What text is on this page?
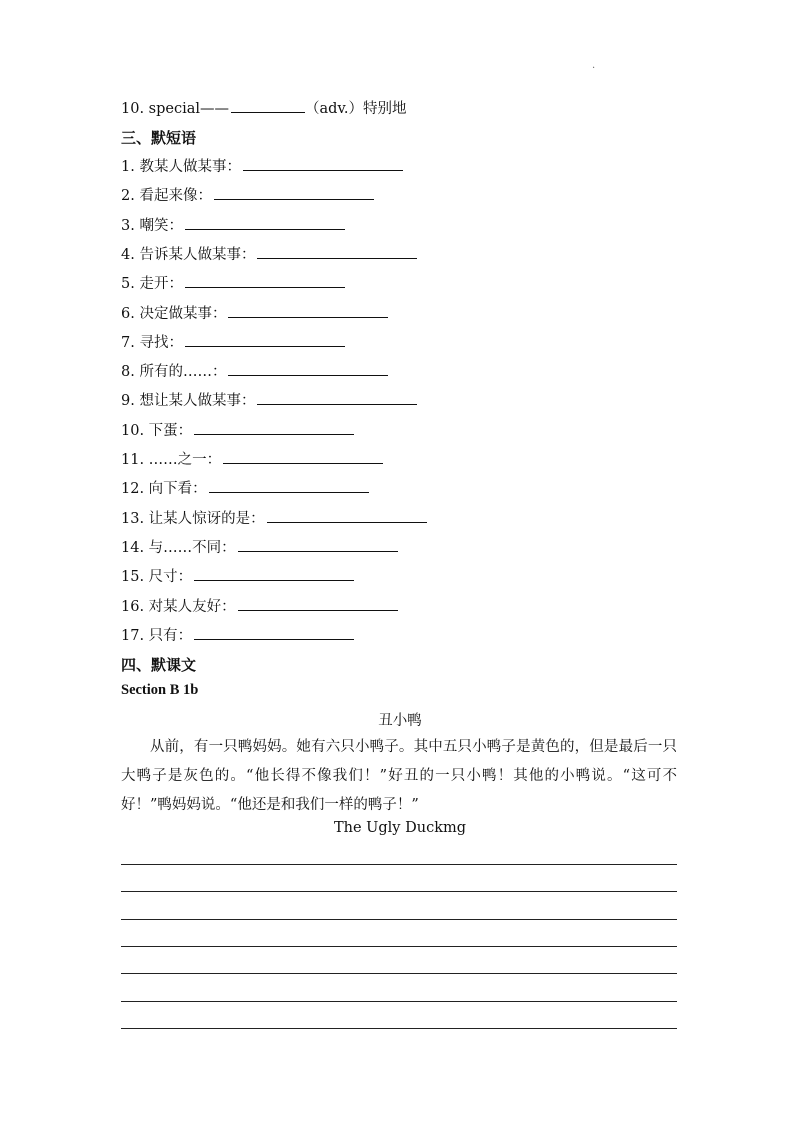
.
10. special——	（adv.）特别地
三、默短语
1. 教某人做某事：
2. 看起来像：
3. 嘲笑：
4. 告诉某人做某事：
5. 走开：
6. 决定做某事：
7. 寻找：
8. 所有的……：
9. 想让某人做某事：
10. 下蛋：
11. ……之一：
12. 向下看：
13. 让某人惊讶的是：
14. 与……不同：
15. 尺寸：
16. 对某人友好：
17. 只有：
四、默课文
Section B 1b
丑小鸭
从前，有一只鸭妈妈。她有六只小鸭子。其中五只小鸭子是黄色的，但是最后一只大鸭子是灰色的。“他长得不像我们！”好丑的一只小鸭！其他的小鸭说。“这可不好！”鸭妈妈说。“他还是和我们一样的鸭子！”
The Ugly Duckmg
